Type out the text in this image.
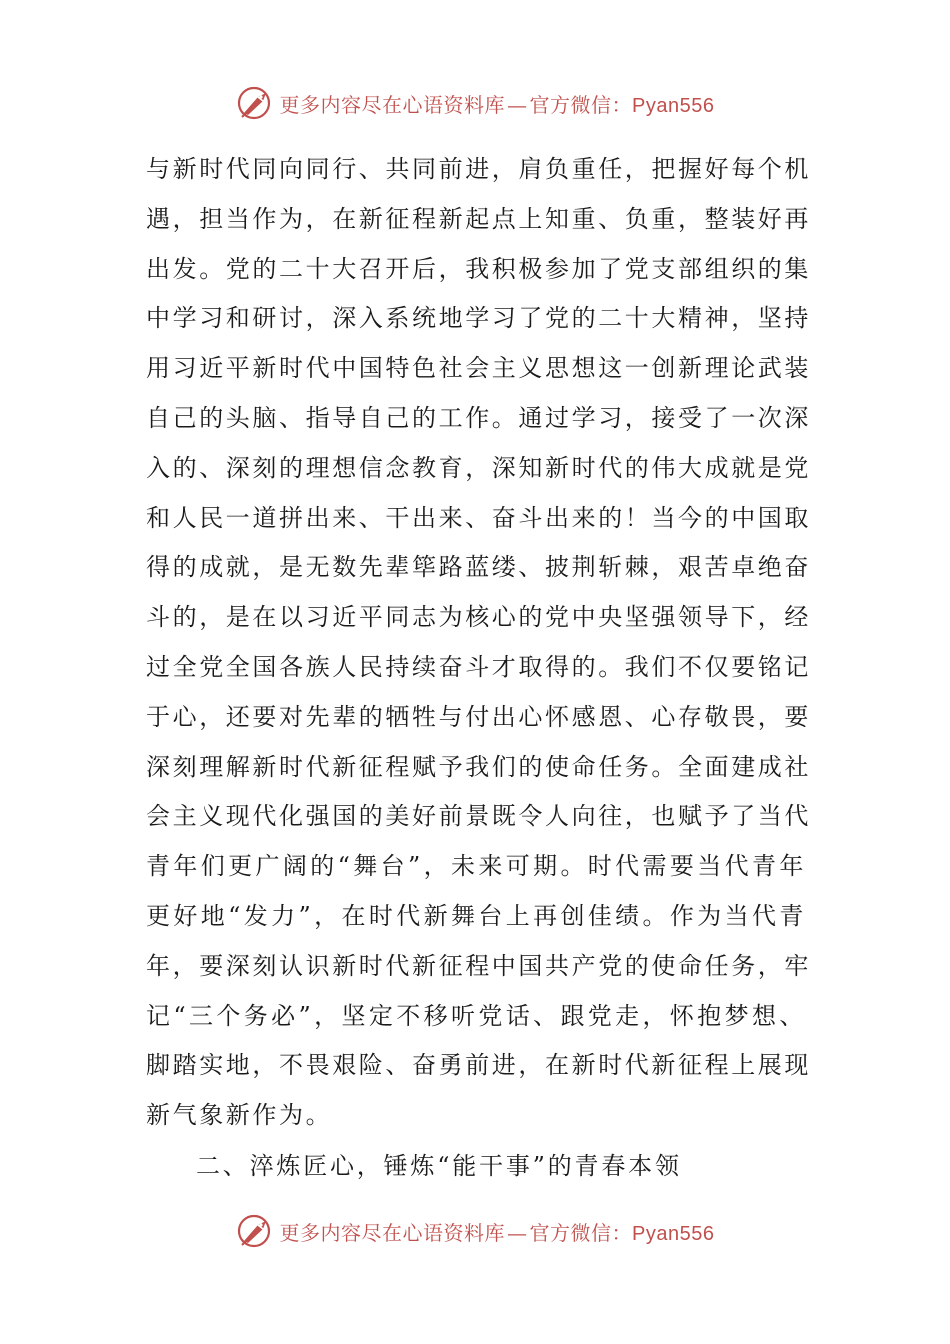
更多内容尽在心语资料库 — 官方微信：Pyan556
与新时代同向同行、共同前进，肩负重任，把握好每个机
遇，担当作为，在新征程新起点上知重、负重，整装好再
出发。党的二十大召开后，我积极参加了党支部组织的集
中学习和研讨，深入系统地学习了党的二十大精神，坚持
用习近平新时代中国特色社会主义思想这一创新理论武装
自己的头脑、指导自己的工作。通过学习，接受了一次深
入的、深刻的理想信念教育，深知新时代的伟大成就是党
和人民一道拼出来、干出来、奋斗出来的！当今的中国取
得的成就，是无数先辈筚路蓝缕、披荆斩棘，艰苦卓绝奋
斗的，是在以习近平同志为核心的党中央坚强领导下，经
过全党全国各族人民持续奋斗才取得的。我们不仅要铭记
于心，还要对先辈的牺牲与付出心怀感恩、心存敬畏，要
深刻理解新时代新征程赋予我们的使命任务。全面建成社
会主义现代化强国的美好前景既令人向往，也赋予了当代
青年们更广阔的“舞台”，未来可期。时代需要当代青年
更好地“发力”，在时代新舞台上再创佳绩。作为当代青
年，要深刻认识新时代新征程中国共产党的使命任务，牢
记“三个务必”，坚定不移听党话、跟党走，怀抱梦想、
脚踏实地，不畏艰险、奋勇前进，在新时代新征程上展现
新气象新作为。
二、淬炼匠心，锤炼“能干事”的青春本领
更多内容尽在心语资料库 — 官方微信：Pyan556
